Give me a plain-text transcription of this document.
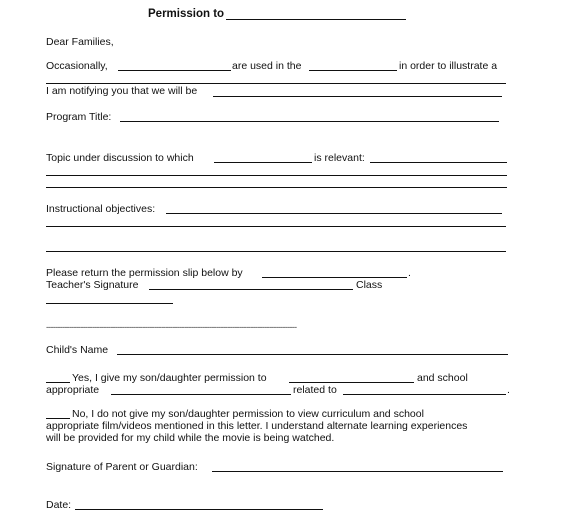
Permission to
Dear Families,
Occasionally,	are used in the	in order to illustrate a
I am notifying you that we will be
Program Title:
Topic under discussion to which	is relevant:
Instructional objectives:
Please return the permission slip below by	.
Teacher's Signature	Class
-------------------------------------------------------------------------------------------------------------
Child's Name
Yes, I give my son/daughter permission to	and school
appropriate	related to	.
No, I do not give my son/daughter permission to view curriculum and school
appropriate film/videos mentioned in this letter. I understand alternate learning experiences
will be provided for my child while the movie is being watched.
Signature of Parent or Guardian:
Date:
